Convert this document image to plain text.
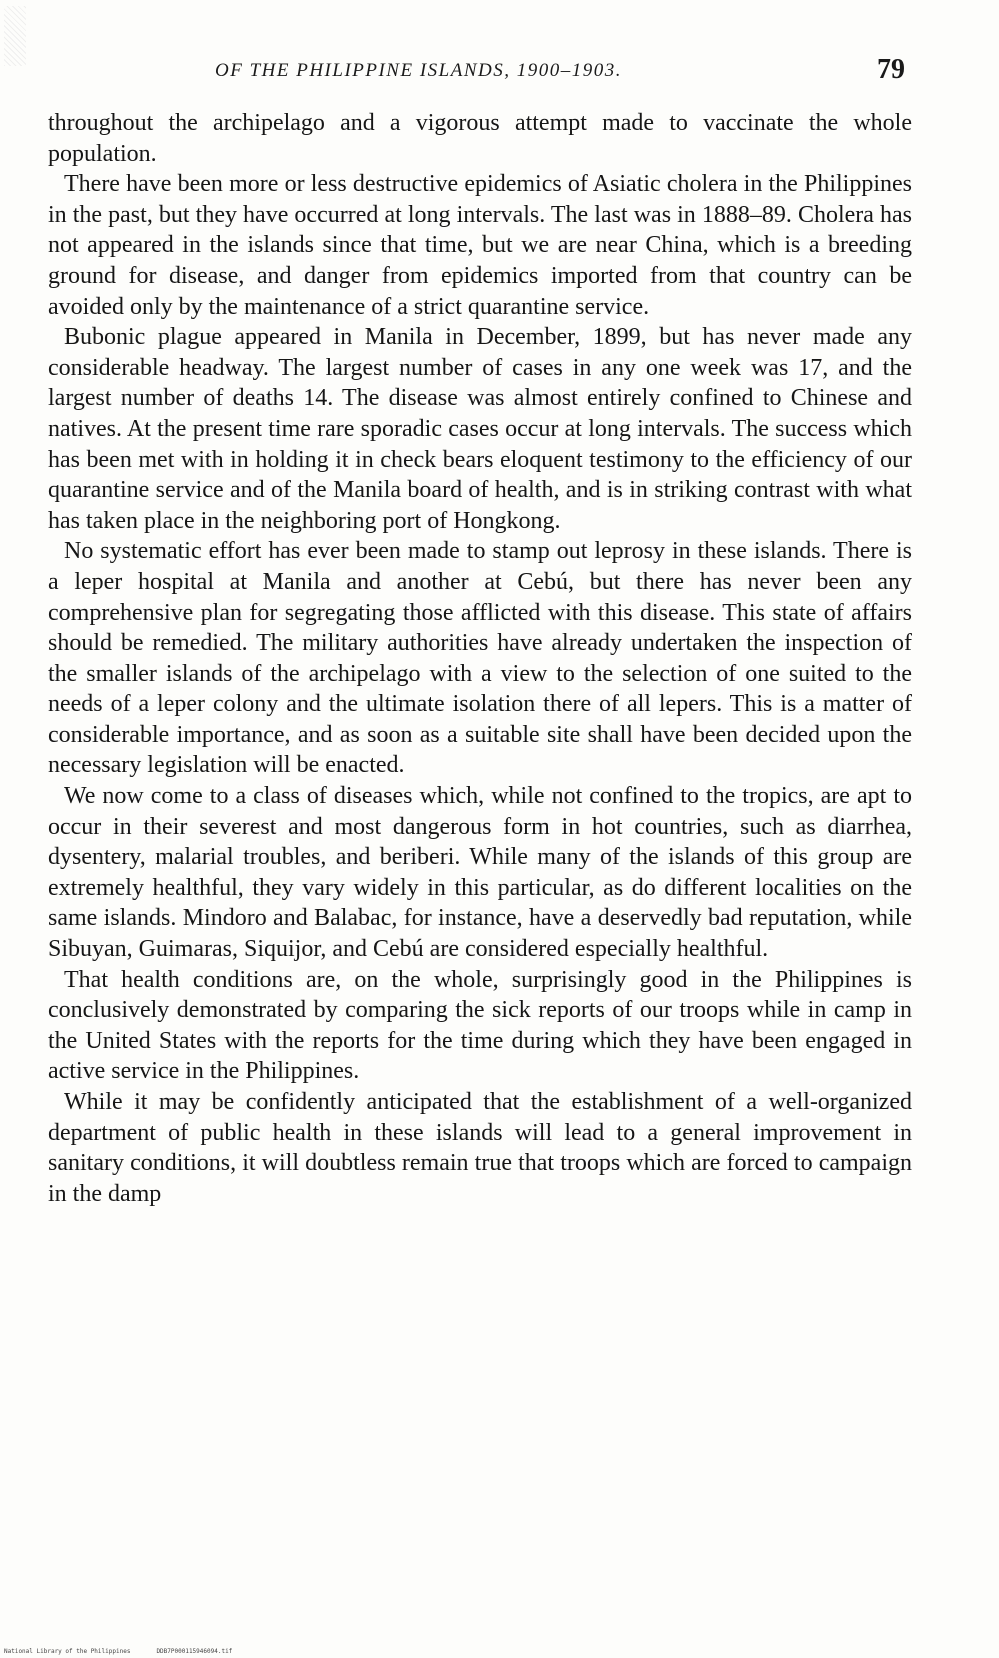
OF THE PHILIPPINE ISLANDS, 1900–1903.	79

throughout the archipelago and a vigorous attempt made to vaccinate the whole population.

There have been more or less destructive epidemics of Asiatic cholera in the Philippines in the past, but they have occurred at long intervals. The last was in 1888–89. Cholera has not appeared in the islands since that time, but we are near China, which is a breeding ground for disease, and danger from epidemics imported from that country can be avoided only by the maintenance of a strict quarantine service.

Bubonic plague appeared in Manila in December, 1899, but has never made any considerable headway. The largest number of cases in any one week was 17, and the largest number of deaths 14. The disease was almost entirely confined to Chinese and natives. At the present time rare sporadic cases occur at long intervals. The success which has been met with in holding it in check bears eloquent testimony to the efficiency of our quarantine service and of the Manila board of health, and is in striking contrast with what has taken place in the neighboring port of Hongkong.

No systematic effort has ever been made to stamp out leprosy in these islands. There is a leper hospital at Manila and another at Cebú, but there has never been any comprehensive plan for segregating those afflicted with this disease. This state of affairs should be remedied. The military authorities have already undertaken the inspection of the smaller islands of the archipelago with a view to the selection of one suited to the needs of a leper colony and the ultimate isolation there of all lepers. This is a matter of considerable importance, and as soon as a suitable site shall have been decided upon the necessary legislation will be enacted.

We now come to a class of diseases which, while not confined to the tropics, are apt to occur in their severest and most dangerous form in hot countries, such as diarrhea, dysentery, malarial troubles, and beriberi. While many of the islands of this group are extremely healthful, they vary widely in this particular, as do different localities on the same islands. Mindoro and Balabac, for instance, have a deservedly bad reputation, while Sibuyan, Guimaras, Siquijor, and Cebú are considered especially healthful.

That health conditions are, on the whole, surprisingly good in the Philippines is conclusively demonstrated by comparing the sick reports of our troops while in camp in the United States with the reports for the time during which they have been engaged in active service in the Philippines.

While it may be confidently anticipated that the establishment of a well-organized department of public health in these islands will lead to a general improvement in sanitary conditions, it will doubtless remain true that troops which are forced to campaign in the damp

National Library of the Philippines	DDB7P000115946094.tif
